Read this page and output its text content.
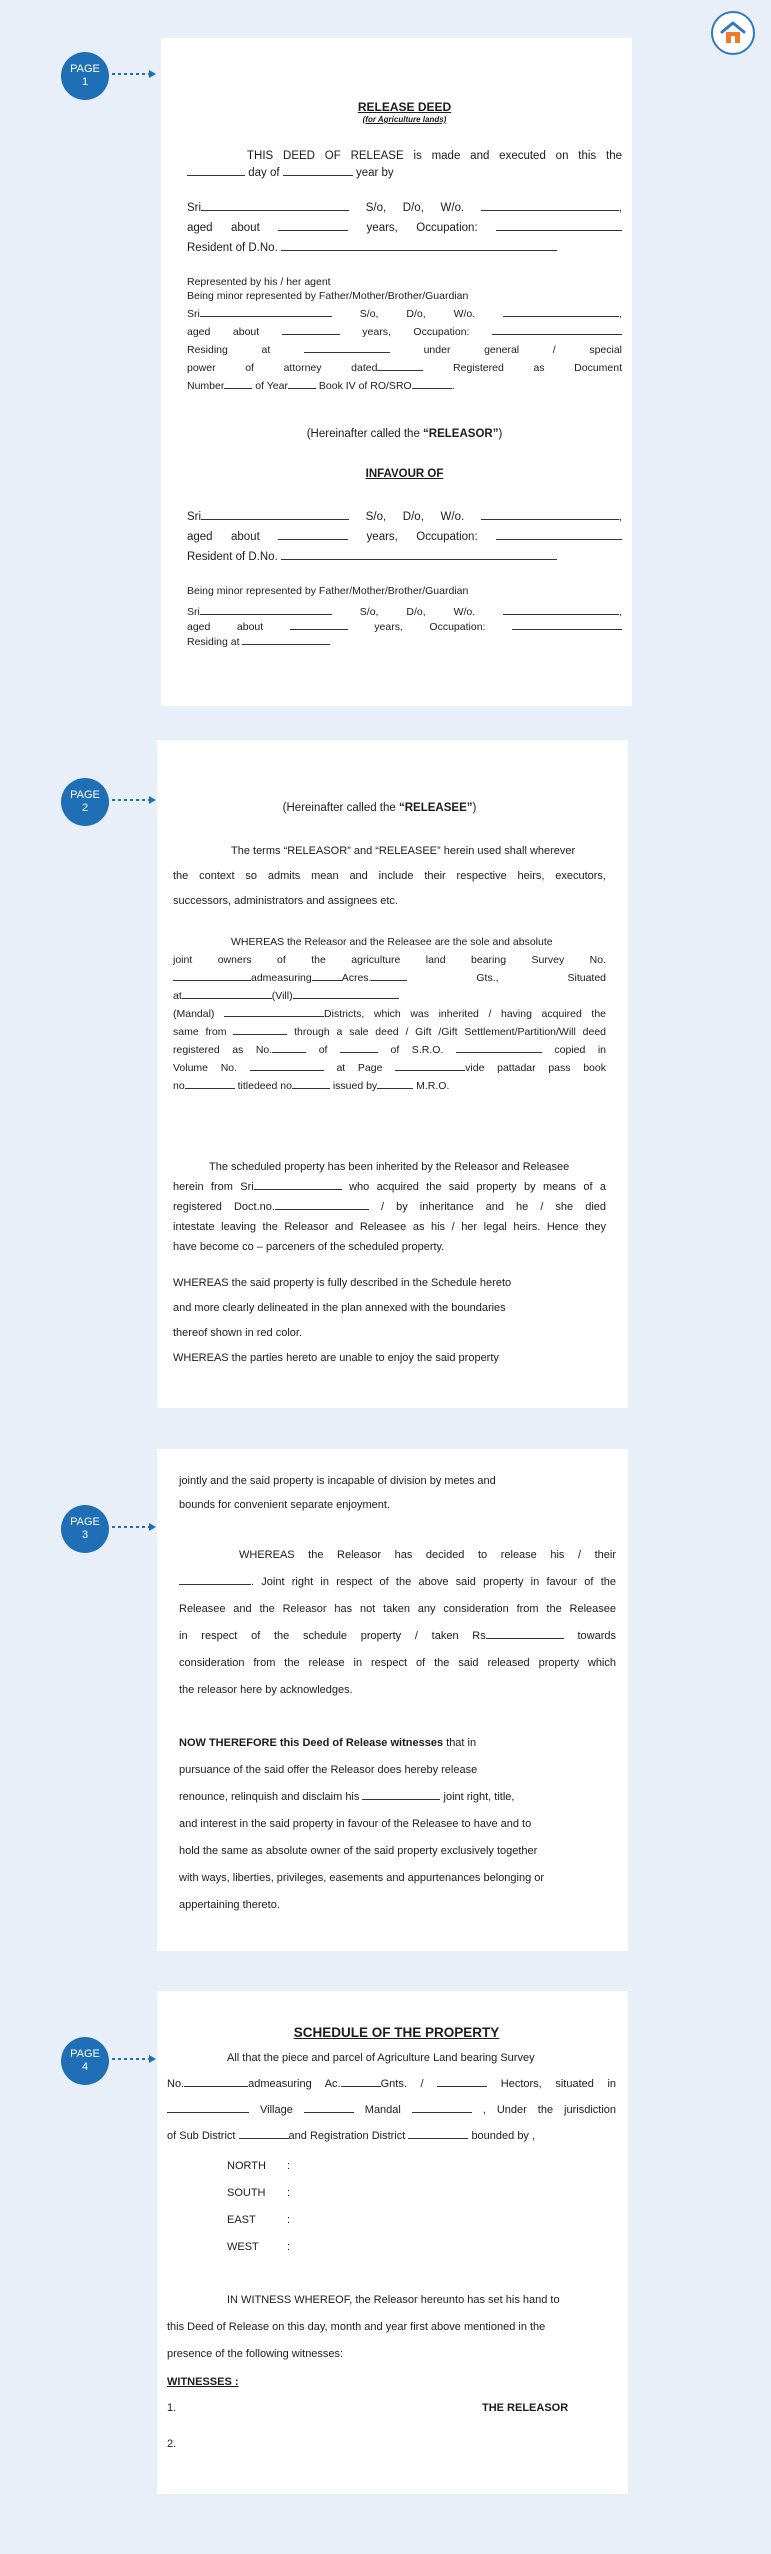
PAGE
1
PAGE
2
PAGE
3
PAGE
4

RELEASE DEED

(for Agriculture lands)

THIS DEED OF RELEASE is made and executed on this the

day of	year by

Sri	S/o, D/o, W/o.	,

aged about	years, Occupation:

Resident of D.No.

Represented by his / her agent

Being minor represented by Father/Mother/Brother/Guardian

Sri	S/o, D/o, W/o.	,

aged about	years, Occupation:

Residing	at	under general / special

power of attorney dated	Registered as Document

Number	of Year	Book IV of RO/SRO	.

(Hereinafter called the “RELEASOR”)

INFAVOUR OF

Sri	S/o, D/o, W/o.	,

aged about	years, Occupation:

Resident of D.No.

Being minor represented by Father/Mother/Brother/Guardian

Sri	S/o, D/o, W/o.	,

aged	about	years,	Occupation:

Residing at

(Hereinafter called the “RELEASEE”)

The terms “RELEASOR” and “RELEASEE” herein used shall wherever

the context so admits mean and include their respective heirs, executors,

successors, administrators and assignees etc.

WHEREAS the Releasor and the Releasee are the sole and absolute

joint owners of the agriculture land bearing Survey No.

admeasuring	Acres.	Gts.,	Situated

at	(Vill)

(Mandal)	Districts, which was inherited / having acquired the

same from	through a sale deed / Gift /Gift Settlement/Partition/Will deed

registered as No.	of	of S.R.O.	copied in

Volume No.	at Page	vide pattadar pass book

no	titledeed no	issued by	M.R.O.

The scheduled property has been inherited by the Releasor and Releasee

herein from Sri	who acquired the said property by means of a

registered Doct.no.	/ by inheritance and he / she died

intestate leaving the Releasor and Releasee as his / her legal heirs. Hence they

have become co – parceners of the scheduled property.

WHEREAS the said property is fully described in the Schedule hereto

and more clearly delineated in the plan annexed with the boundaries

thereof shown in red color.

WHEREAS the parties hereto are unable to enjoy the said property

jointly and the said property is incapable of division by metes and

bounds for convenient separate enjoyment.

WHEREAS the Releasor has decided to release his / their

. Joint right in respect of the above said property in favour of the

Releasee and the Releasor has not taken any consideration from the Releasee

in respect of the schedule property / taken Rs	towards

consideration from the release in respect of the said released property which

the releasor here by acknowledges.

NOW THEREFORE this Deed of Release witnesses that in

pursuance of the said offer the Releasor does hereby release

renounce, relinquish and disclaim his	joint right, title,

and interest in the said property in favour of the Releasee to have and to

hold the same as absolute owner of the said property exclusively together

with ways, liberties, privileges, easements and appurtenances belonging or

appertaining thereto.

SCHEDULE OF THE PROPERTY

All that the piece and parcel of Agriculture Land bearing Survey

No.	admeasuring Ac.	Gnts. /	Hectors, situated in

Village	Mandal	, Under the jurisdiction

of Sub District	and Registration District	bounded by ,

NORTH	:
SOUTH	:
EAST	:
WEST	:

IN WITNESS WHEREOF, the Releasor hereunto has set his hand to

this Deed of Release on this day, month and year first above mentioned in the

presence of the following witnesses:

WITNESSES :

1.	THE RELEASOR

2.
